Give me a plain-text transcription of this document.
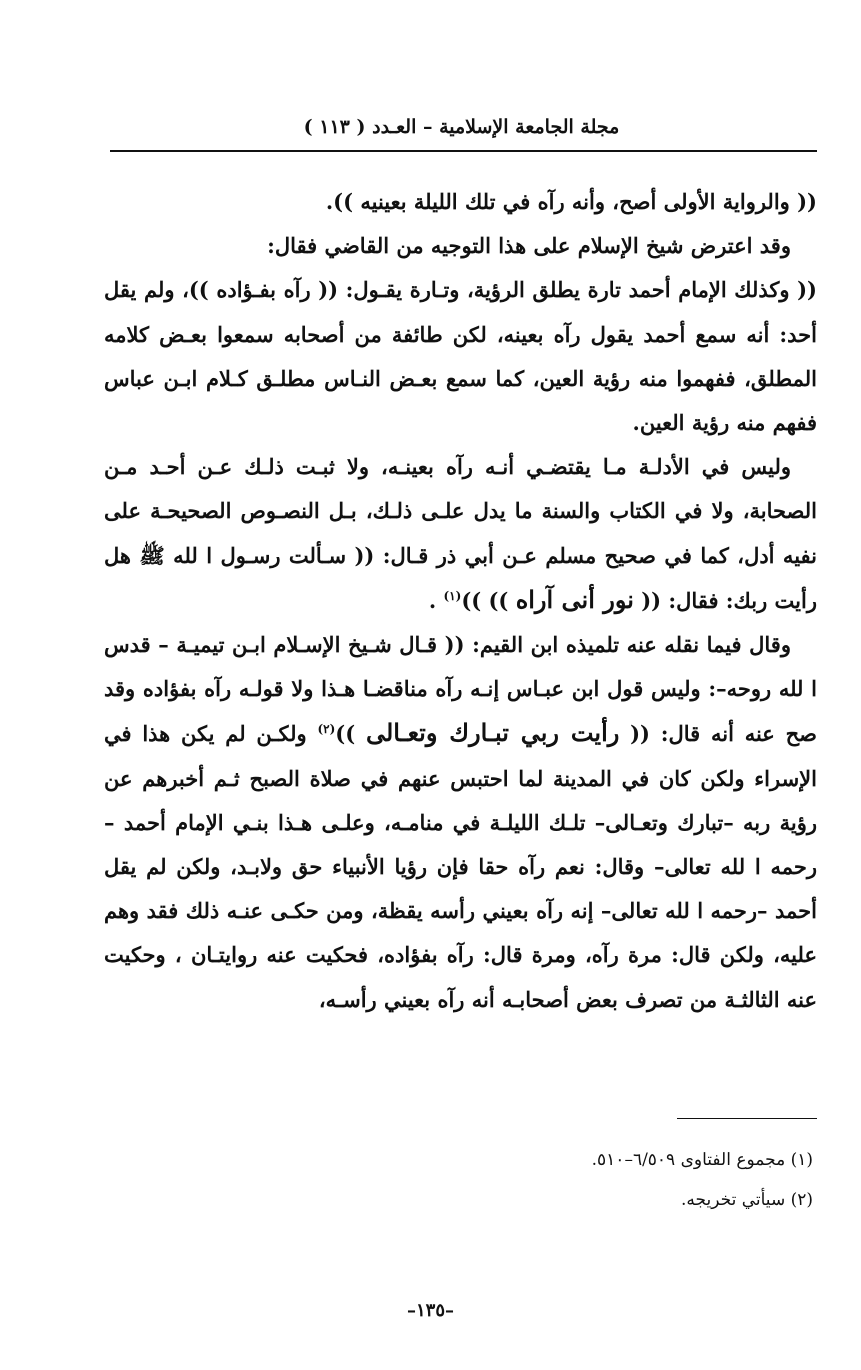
مجلة الجامعة الإسلامية – العـدد ( ١١٣ )

(( والرواية الأولى أصح، وأنه رآه في تلك الليلة بعينيه )).

وقد اعترض شيخ الإسلام على هذا التوجيه من القاضي فقال:

(( وكذلك الإمام أحمد تارة يطلق الرؤية، وتـارة يقـول: (( رآه بفـؤاده ))، ولم يقل أحد: أنه سمع أحمد يقول رآه بعينه، لكن طائفة من أصحابه سمعوا بعـض كلامه المطلق، ففهموا منه رؤية العين، كما سمع بعـض النـاس مطلـق كـلام ابـن عباس ففهم منه رؤية العين.

وليس في الأدلـة مـا يقتضـي أنـه رآه بعينـه، ولا ثبـت ذلـك عـن أحـد مـن الصحابة، ولا في الكتاب والسنة ما يدل علـى ذلـك، بـل النصـوص الصحيحـة على نفيه أدل، كما في صحيح مسلم عـن أبي ذر قـال: (( سـألت رسـول ا لله ﷺ هل رأيت ربك: فقال: (( نور أنى آراه )) ))$^{(١)}$ .

وقال فيما نقله عنه تلميذه ابن القيم: (( قـال شـيخ الإسـلام ابـن تيميـة – قدس ا لله روحه–: وليس قول ابن عبـاس إنـه رآه مناقضـا هـذا ولا قولـه رآه بفؤاده وقد صح عنه أنه قال: (( رأيت ربي تبـارك وتعـالى ))$^{(٢)}$ ولكـن لم يكن هذا في الإسراء ولكن كان في المدينة لما احتبس عنهم في صلاة الصبح ثـم أخبرهم عن رؤية ربه –تبارك وتعـالى– تلـك الليلـة في منامـه، وعلـى هـذا بنـي الإمام أحمد –رحمه ا لله تعالى– وقال: نعم رآه حقا فإن رؤيا الأنبياء حق ولابـد، ولكن لم يقل أحمد –رحمه ا لله تعالى– إنه رآه بعيني رأسه يقظة، ومن حكـى عنـه ذلك فقد وهم عليه، ولكن قال: مرة رآه، ومرة قال: رآه بفؤاده، فحكيت عنه روايتـان ، وحكيت عنه الثالثـة من تصرف بعض أصحابـه أنه رآه بعيني رأسـه،

(١) مجموع الفتاوى ٦/٥٠٩–٥١٠.
(٢) سيأتي تخريجه.
–١٣٥–
